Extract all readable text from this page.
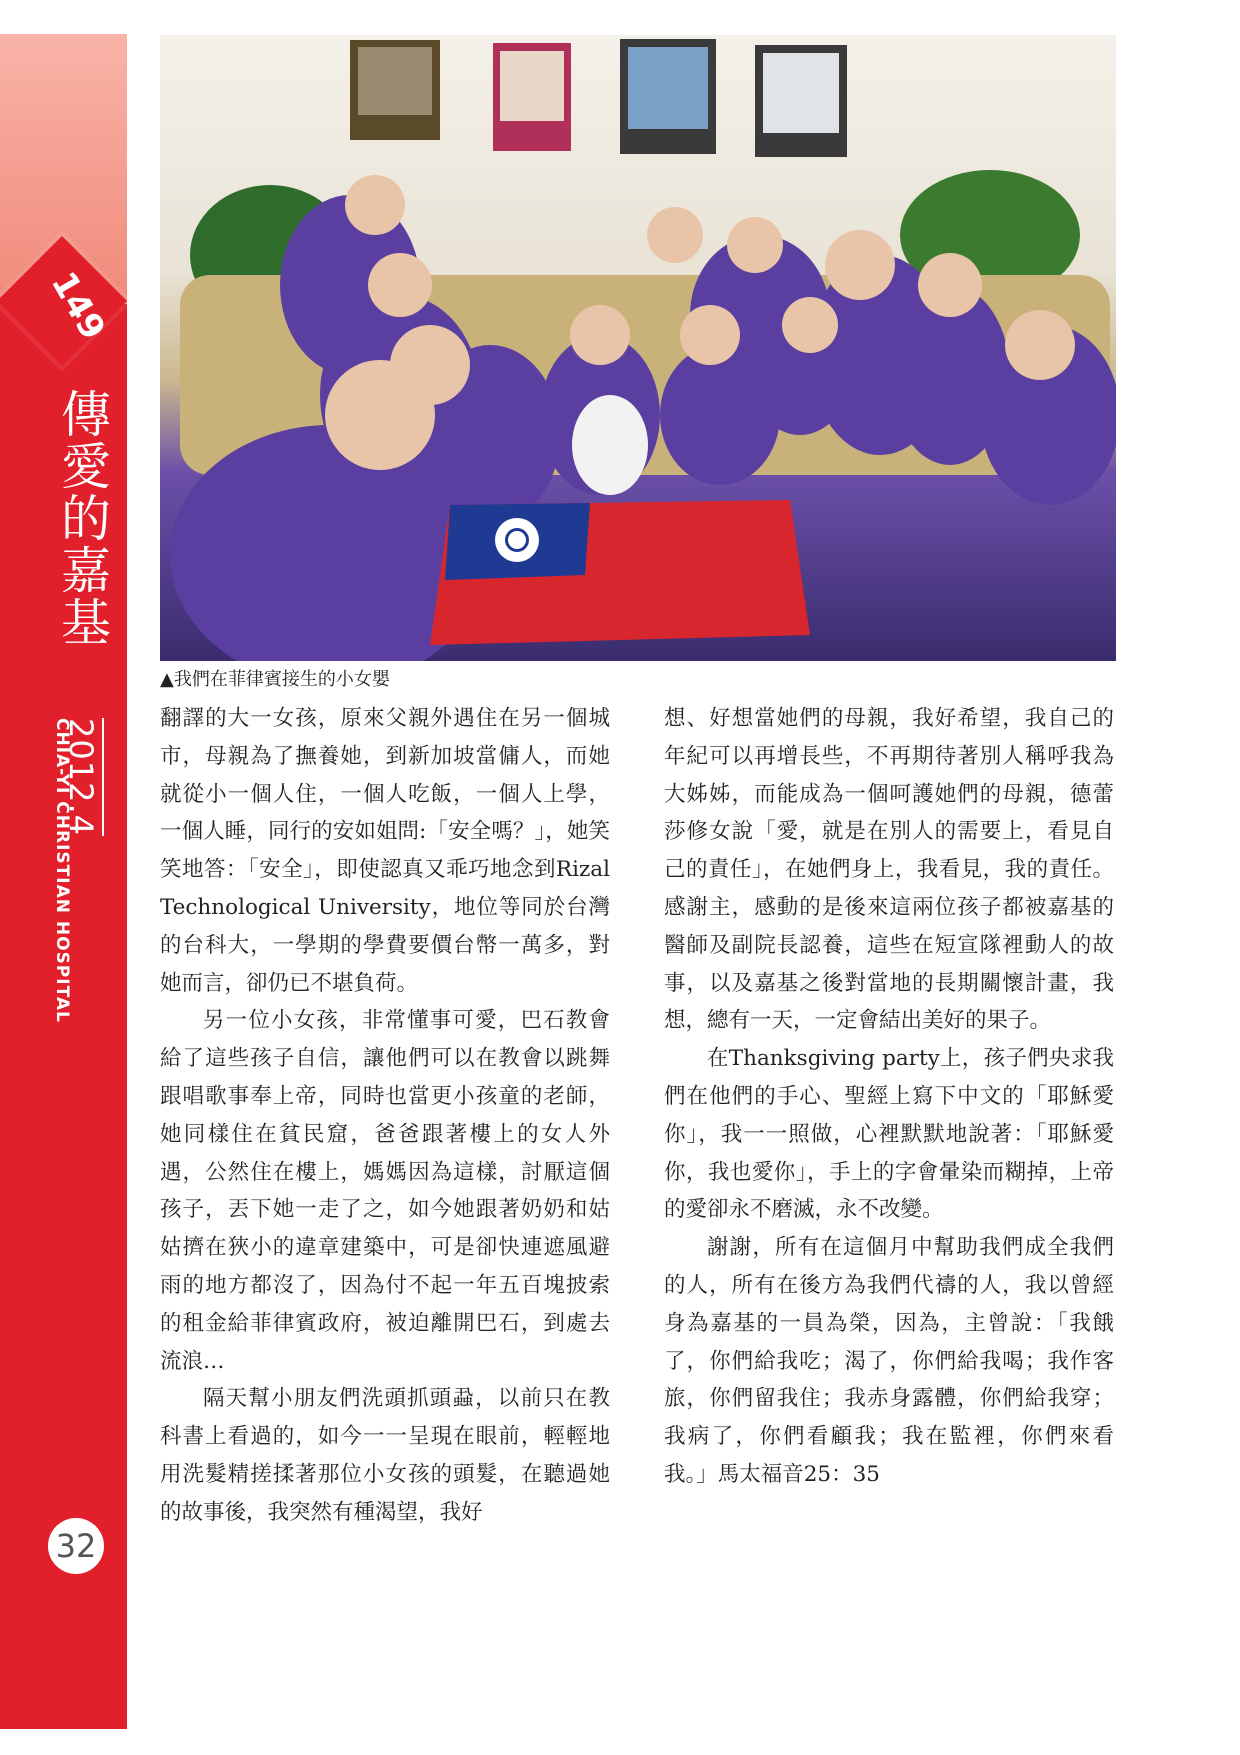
149
傳愛的嘉基
2012.4
CHIA-YI CHRISTIAN HOSPITAL
32
▲我們在菲律賓接生的小女嬰

翻譯的大一女孩，原來父親外遇住在另一個城市，母親為了撫養她，到新加坡當傭人，而她就從小一個人住，一個人吃飯，一個人上學，一個人睡，同行的安如姐問:「安全嗎？」，她笑笑地答：「安全」，即使認真又乖巧地念到Rizal Technological University，地位等同於台灣的台科大，一學期的學費要價台幣一萬多，對她而言，卻仍已不堪負荷。

另一位小女孩，非常懂事可愛，巴石教會給了這些孩子自信，讓他們可以在教會以跳舞跟唱歌事奉上帝，同時也當更小孩童的老師，她同樣住在貧民窟，爸爸跟著樓上的女人外遇，公然住在樓上，媽媽因為這樣，討厭這個孩子，丟下她一走了之，如今她跟著奶奶和姑姑擠在狹小的違章建築中，可是卻快連遮風避雨的地方都沒了，因為付不起一年五百塊披索的租金給菲律賓政府，被迫離開巴石，到處去流浪…

隔天幫小朋友們洗頭抓頭蝨，以前只在教科書上看過的，如今一一呈現在眼前，輕輕地用洗髮精搓揉著那位小女孩的頭髮，在聽過她的故事後，我突然有種渴望，我好

想、好想當她們的母親，我好希望，我自己的年紀可以再增長些，不再期待著別人稱呼我為大姊姊，而能成為一個呵護她們的母親，德蕾莎修女說「愛，就是在別人的需要上，看見自己的責任」，在她們身上，我看見，我的責任。感謝主，感動的是後來這兩位孩子都被嘉基的醫師及副院長認養，這些在短宣隊裡動人的故事，以及嘉基之後對當地的長期關懷計畫，我想，總有一天，一定會結出美好的果子。

在Thanksgiving party上，孩子們央求我們在他們的手心、聖經上寫下中文的「耶穌愛你」，我一一照做，心裡默默地說著：「耶穌愛你，我也愛你」，手上的字會暈染而糊掉，上帝的愛卻永不磨滅，永不改變。

謝謝，所有在這個月中幫助我們成全我們的人，所有在後方為我們代禱的人，我以曾經身為嘉基的一員為榮，因為，主曾說：「我餓了，你們給我吃；渴了，你們給我喝；我作客旅，你們留我住；我赤身露體，你們給我穿；我病了，你們看顧我；我在監裡，你們來看我。」馬太福音25：35
